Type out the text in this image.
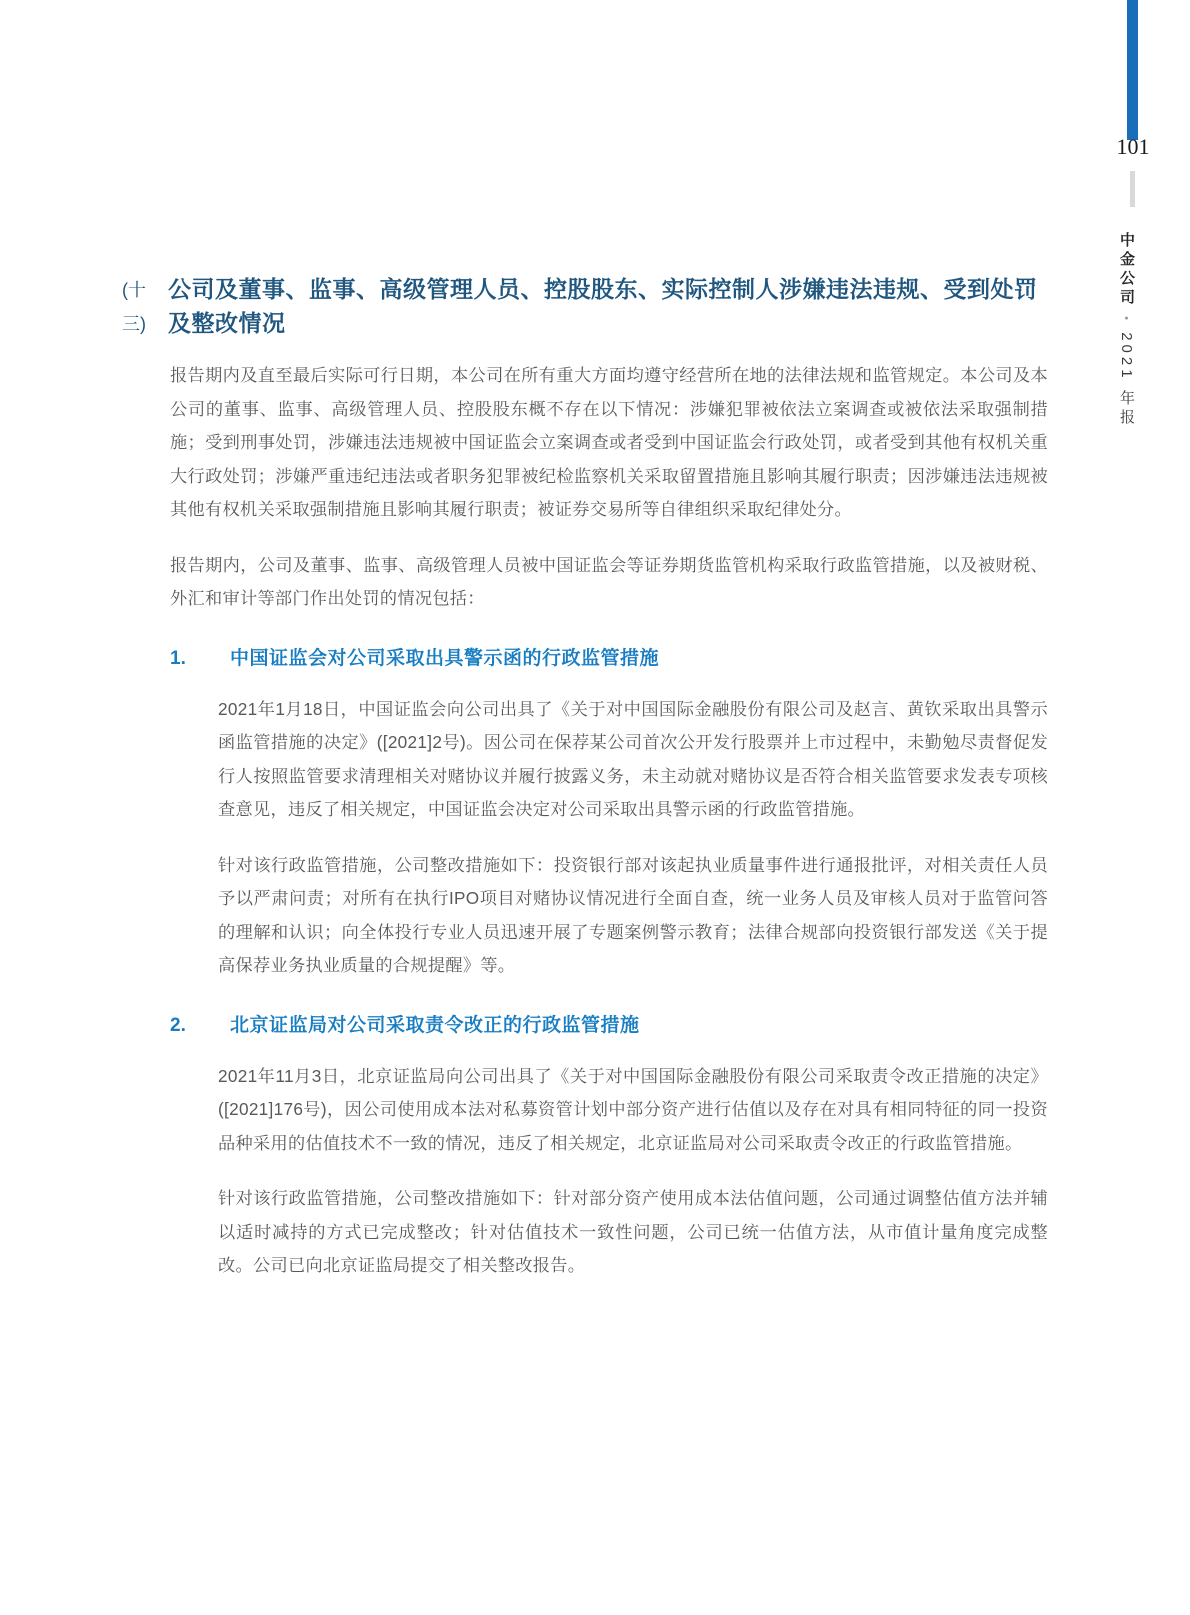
101
中金公司 • 2021 年报
(十三)
公司及董事、监事、高级管理人员、控股股东、实际控制人涉嫌违法违规、受到处罚及整改情况

报告期内及直至最后实际可行日期，本公司在所有重大方面均遵守经营所在地的法律法规和监管规定。本公司及本公司的董事、监事、高级管理人员、控股股东概不存在以下情况：涉嫌犯罪被依法立案调查或被依法采取强制措施；受到刑事处罚，涉嫌违法违规被中国证监会立案调查或者受到中国证监会行政处罚，或者受到其他有权机关重大行政处罚；涉嫌严重违纪违法或者职务犯罪被纪检监察机关采取留置措施且影响其履行职责；因涉嫌违法违规被其他有权机关采取强制措施且影响其履行职责；被证券交易所等自律组织采取纪律处分。

报告期内，公司及董事、监事、高级管理人员被中国证监会等证券期货监管机构采取行政监管措施，以及被财税、外汇和审计等部门作出处罚的情况包括：

1.	中国证监会对公司采取出具警示函的行政监管措施

2021年1月18日，中国证监会向公司出具了《关于对中国国际金融股份有限公司及赵言、黄钦采取出具警示函监管措施的决定》([2021]2号)。因公司在保荐某公司首次公开发行股票并上市过程中，未勤勉尽责督促发行人按照监管要求清理相关对赌协议并履行披露义务，未主动就对赌协议是否符合相关监管要求发表专项核查意见，违反了相关规定，中国证监会决定对公司采取出具警示函的行政监管措施。

针对该行政监管措施，公司整改措施如下：投资银行部对该起执业质量事件进行通报批评，对相关责任人员予以严肃问责；对所有在执行IPO项目对赌协议情况进行全面自查，统一业务人员及审核人员对于监管问答的理解和认识；向全体投行专业人员迅速开展了专题案例警示教育；法律合规部向投资银行部发送《关于提高保荐业务执业质量的合规提醒》等。

2.	北京证监局对公司采取责令改正的行政监管措施

2021年11月3日，北京证监局向公司出具了《关于对中国国际金融股份有限公司采取责令改正措施的决定》([2021]176号)，因公司使用成本法对私募资管计划中部分资产进行估值以及存在对具有相同特征的同一投资品种采用的估值技术不一致的情况，违反了相关规定，北京证监局对公司采取责令改正的行政监管措施。

针对该行政监管措施，公司整改措施如下：针对部分资产使用成本法估值问题，公司通过调整估值方法并辅以适时减持的方式已完成整改；针对估值技术一致性问题，公司已统一估值方法，从市值计量角度完成整改。公司已向北京证监局提交了相关整改报告。
